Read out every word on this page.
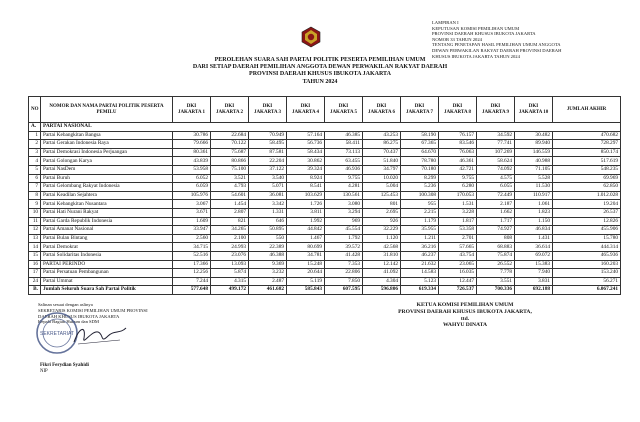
LAMPIRAN I
KEPUTUSAN KOMISI PEMILIHAN UMUM
PROVINSI DAERAH KHUSUS IBUKOTA JAKARTA
NOMOR 33 TAHUN 2024
TENTANG PENETAPAN HASIL PEMILIHAN UMUM ANGGOTA
DEWAN PERWAKILAN RAKYAT DAERAH PROVINSI DAERAH
KHUSUS IBUKOTA JAKARTA TAHUN 2024
PEROLEHAN SUARA SAH PARTAI POLITIK PESERTA PEMILIHAN UMUM
DARI SETIAP DAERAH PEMILIHAN ANGGOTA DEWAN PERWAKILAN RAKYAT DAERAH
PROVINSI DAERAH KHUSUS IBUKOTA JAKARTA
TAHUN 2024
NO	NOMOR DAN NAMA PARTAI POLITIK PESERTA PEMILU	DKI JAKARTA 1	DKI JAKARTA 2	DKI JAKARTA 3	DKI JAKARTA 4	DKI JAKARTA 5	DKI JAKARTA 6	DKI JAKARTA 7	DKI JAKARTA 8	DKI JAKARTA 9	DKI JAKARTA 10	JUMLAH AKHIR
A.	PARTAI NASIONAL											
1	Partai Kebangkitan Bangsa	30.786	22.684	70.949	57.164	46.385	43.253	58.190	76.157	34.592	30.482	470.682
2	Partai Gerakan Indonesia Raya	79.666	70.122	58.495	56.736	58.411	86.275	67.365	83.546	77.741	89.940	728.297
3	Partai Demokrasi Indonesia Perjuangan	80.361	75.687	87.581	58.434	73.113	70.437	64.670	76.063	107.269	146.559	850.174
4	Partai Golongan Karya	43.839	80.866	22.204	30.862	63.455	51.840	78.780	46.361	58.624	40.988	517.619
5	Partai NasDem	53.958	75.100	37.122	39.324	46.936	34.797	70.180	42.721	74.092	71.105	548.235
6	Partai Buruh	6.052	3.521	3.540	8.924	9.755	10.020	8.299	9.755	4.575	5.528	69.969
7	Partai Gelombang Rakyat Indonesia	6.059	4.793	5.071	8.541	4.281	5.004	5.236	6.280	6.055	11.530	62.850
8	Partai Keadilan Sejahtera	105.976	54.601	36.081	103.629	130.561	125.453	100.308	170.053	72.449	110.917	1.012.028
9	Partai Kebangkitan Nusantara	3.067	1.454	3.342	1.726	3.080	801	955	1.531	2.187	1.061	19.204
10	Partai Hati Nurani Rakyat	3.671	2.807	1.331	3.811	3.294	2.695	2.215	3.228	1.662	1.823	26.537
11	Partai Garda Republik Indonesia	1.609	821	646	1.992	969	926	1.179	1.817	1.717	1.150	12.826
12	Partai Amanat Nasional	33.947	34.265	50.895	44.842	45.554	32.229	35.955	53.358	74.927	46.834	455.906
13	Partai Bulan Bintang	2.560	2.100	550	1.467	1.792	1.120	1.211	2.701	808	1.431	15.780
14	Partai Demokrat	34.715	24.993	22.389	80.699	39.572	42.568	36.216	57.665	68.883	36.614	444.314
15	Partai Solidaritas Indonesia	52.516	23.076	46.388	34.781	41.428	31.810	46.237	43.754	75.874	69.072	465.936
16	PARTAI PERINDO	17.366	13.093	9.369	15.248	7.353	12.142	21.632	23.065	26.552	15.383	160.203
17	Partai Persatuan Pembangunan	12.256	5.874	3.232	20.644	22.806	41.092	14.583	16.035	7.778	7.940	153.240
24	Partai Ummat	7.244	4.315	2.487	5.119	7.850	4.304	5.123	12.447	3.551	3.831	56.271
B.	Jumlah Seluruh Suara Sah Partai Politik	577.648	499.172	461.682	585.843	607.595	596.806	619.334	726.537	700.336	692.188	6.067.241
Salinan sesuai dengan aslinya
SEKRETARIS KOMISI PEMILIHAN UMUM PROVINSI
DAERAH KHUSUS IBUKOTA JAKARTA
Kepala Bagian Hukum dan SDM
SEKRETARIAT
Fikri Ferydian Syahidi
NIP
KETUA KOMISI PEMILIHAN UMUM
PROVINSI DAERAH KHUSUS IBUKOTA JAKARTA,
ttd.
WAHYU DINATA
